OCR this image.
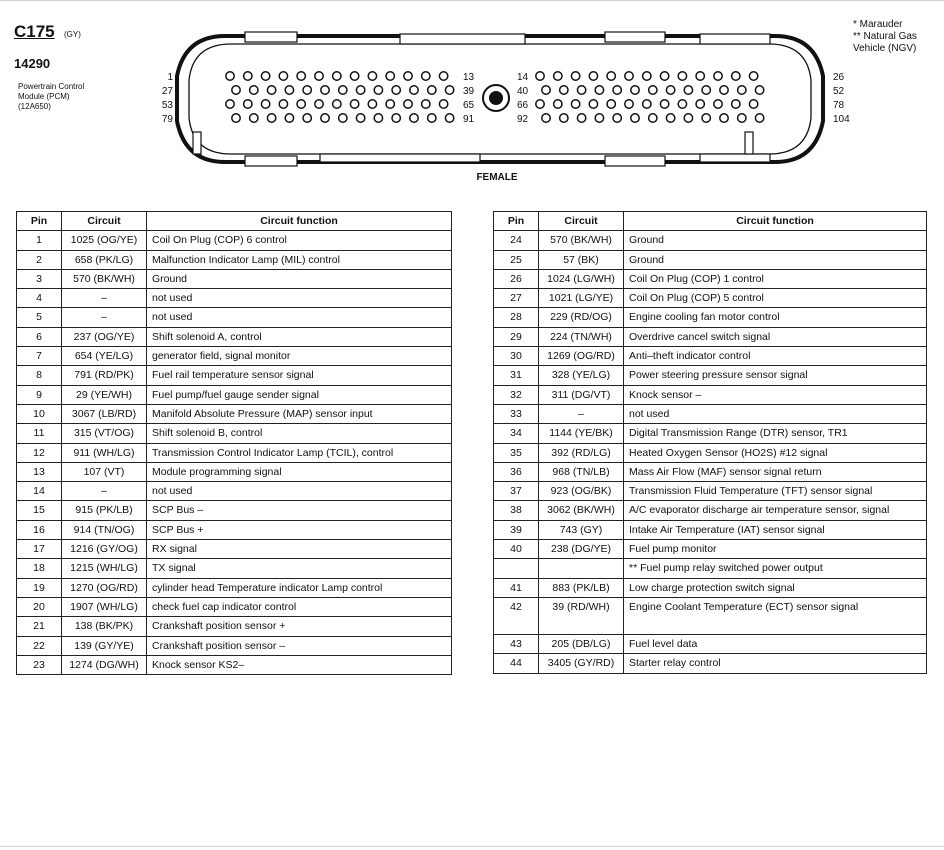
C175 (GY)
14290
Powertrain Control
Module (PCM)
(12A650)
* Marauder
** Natural Gas
Vehicle (NGV)
1
27
53
79
13
39
65
91
14
40
66
92
26
52
78
104
FEMALE
Pin	Circuit	Circuit function
1	1025 (OG/YE)	Coil On Plug (COP) 6 control
2	658 (PK/LG)	Malfunction Indicator Lamp (MIL) control
3	570 (BK/WH)	Ground
4	–	not used
5	–	not used
6	237 (OG/YE)	Shift solenoid A, control
7	654 (YE/LG)	generator field, signal monitor
8	791 (RD/PK)	Fuel rail temperature sensor signal
9	29 (YE/WH)	Fuel pump/fuel gauge sender signal
10	3067 (LB/RD)	Manifold Absolute Pressure (MAP) sensor input
11	315 (VT/OG)	Shift solenoid B, control
12	911 (WH/LG)	Transmission Control Indicator Lamp (TCIL), control
13	107 (VT)	Module programming signal
14	–	not used
15	915 (PK/LB)	SCP Bus –
16	914 (TN/OG)	SCP Bus +
17	1216 (GY/OG)	RX signal
18	1215 (WH/LG)	TX signal
19	1270 (OG/RD)	cylinder head Temperature indicator Lamp control
20	1907 (WH/LG)	check fuel cap indicator control
21	138 (BK/PK)	Crankshaft position sensor +
22	139 (GY/YE)	Crankshaft position sensor –
23	1274 (DG/WH)	Knock sensor KS2–
Pin	Circuit	Circuit function
24	570 (BK/WH)	Ground
25	57 (BK)	Ground
26	1024 (LG/WH)	Coil On Plug (COP) 1 control
27	1021 (LG/YE)	Coil On Plug (COP) 5 control
28	229 (RD/OG)	Engine cooling fan motor control
29	224 (TN/WH)	Overdrive cancel switch signal
30	1269 (OG/RD)	Anti–theft indicator control
31	328 (YE/LG)	Power steering pressure sensor signal
32	311 (DG/VT)	Knock sensor –
33	–	not used
34	1144 (YE/BK)	Digital Transmission Range (DTR) sensor, TR1
35	392 (RD/LG)	Heated Oxygen Sensor (HO2S) #12 signal
36	968 (TN/LB)	Mass Air Flow (MAF) sensor signal return
37	923 (OG/BK)	Transmission Fluid Temperature (TFT) sensor signal
38	3062 (BK/WH)	A/C evaporator discharge air temperature sensor, signal
39	743 (GY)	Intake Air Temperature (IAT) sensor signal
40	238 (DG/YE)	Fuel pump monitor
		** Fuel pump relay switched power output
41	883 (PK/LB)	Low charge protection switch signal
42	39 (RD/WH)	Engine Coolant Temperature (ECT) sensor signal
43	205 (DB/LG)	Fuel level data
44	3405 (GY/RD)	Starter relay control
